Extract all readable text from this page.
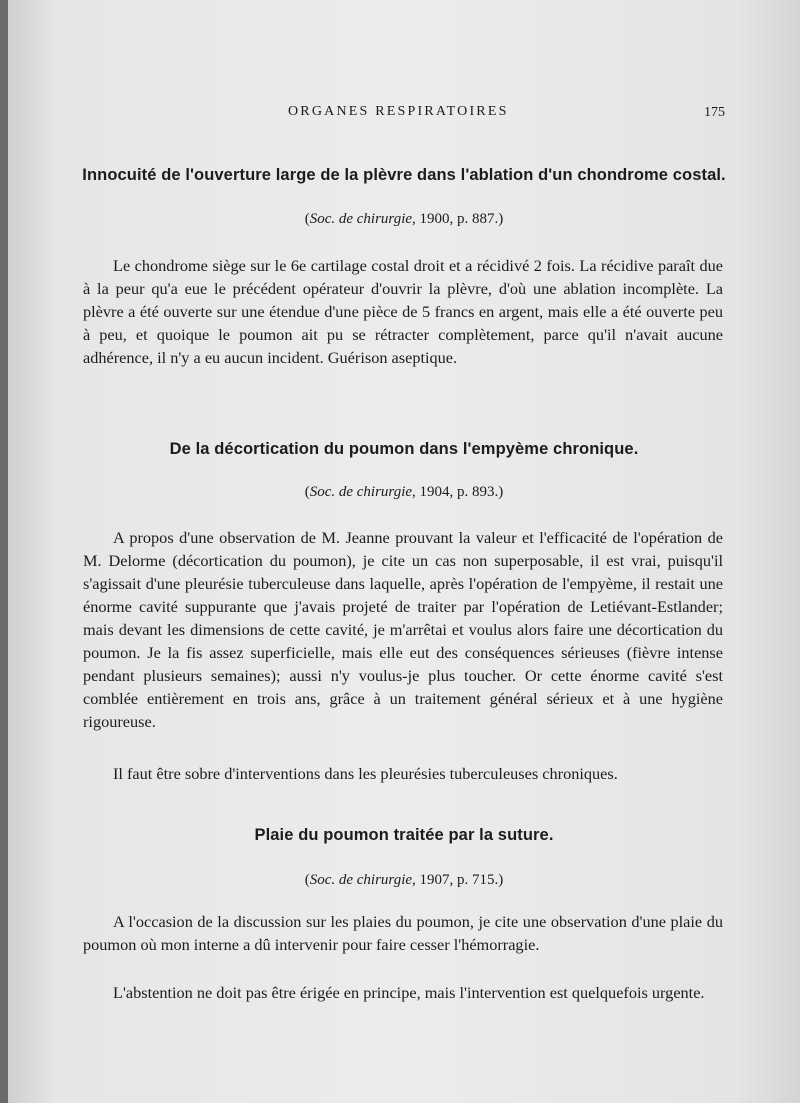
ORGANES RESPIRATOIRES	175
Innocuité de l'ouverture large de la plèvre dans l'ablation d'un chondrome costal.
(Soc. de chirurgie, 1900, p. 887.)

Le chondrome siège sur le 6e cartilage costal droit et a récidivé 2 fois. La récidive paraît due à la peur qu'a eue le précédent opérateur d'ouvrir la plèvre, d'où une ablation incomplète. La plèvre a été ouverte sur une étendue d'une pièce de 5 francs en argent, mais elle a été ouverte peu à peu, et quoique le poumon ait pu se rétracter complètement, parce qu'il n'avait aucune adhérence, il n'y a eu aucun incident. Guérison aseptique.

De la décortication du poumon dans l'empyème chronique.
(Soc. de chirurgie, 1904, p. 893.)

A propos d'une observation de M. Jeanne prouvant la valeur et l'efficacité de l'opération de M. Delorme (décortication du poumon), je cite un cas non superposable, il est vrai, puisqu'il s'agissait d'une pleurésie tuberculeuse dans laquelle, après l'opération de l'empyème, il restait une énorme cavité suppurante que j'avais projeté de traiter par l'opération de Letiévant-Estlander; mais devant les dimensions de cette cavité, je m'arrêtai et voulus alors faire une décortication du poumon. Je la fis assez superficielle, mais elle eut des conséquences sérieuses (fièvre intense pendant plusieurs semaines); aussi n'y voulus-je plus toucher. Or cette énorme cavité s'est comblée entièrement en trois ans, grâce à un traitement général sérieux et à une hygiène rigoureuse.

Il faut être sobre d'interventions dans les pleurésies tuberculeuses chroniques.

Plaie du poumon traitée par la suture.
(Soc. de chirurgie, 1907, p. 715.)

A l'occasion de la discussion sur les plaies du poumon, je cite une observation d'une plaie du poumon où mon interne a dû intervenir pour faire cesser l'hémorragie.

L'abstention ne doit pas être érigée en principe, mais l'intervention est quelquefois urgente.
